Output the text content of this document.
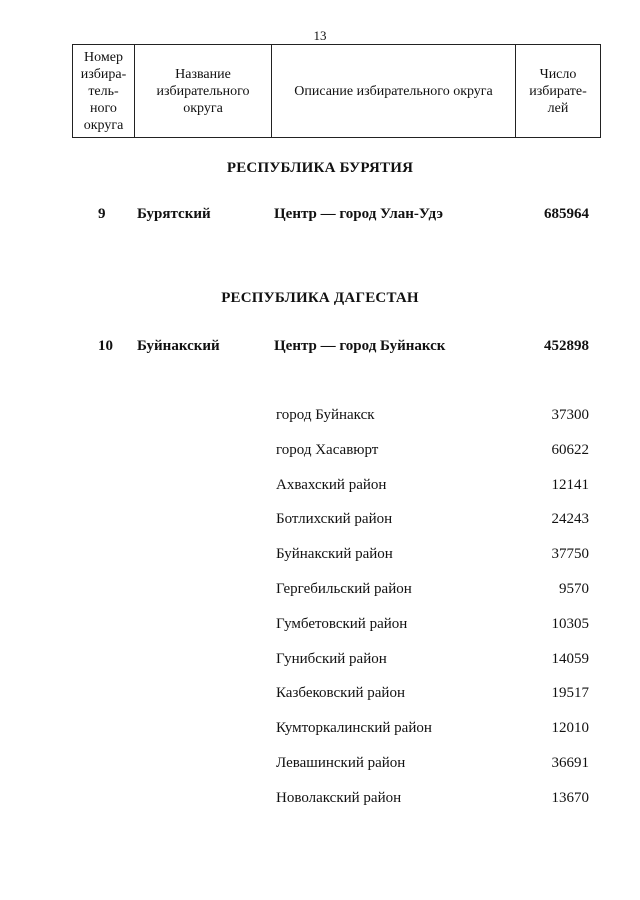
13
Номер
избира-
тель-
ного
округа

Название
избирательного
округа

Описание избирательного округа

Число
избирате-
лей
РЕСПУБЛИКА БУРЯТИЯ
9 Бурятский	Центр — город Улан-Удэ	685964
РЕСПУБЛИКА ДАГЕСТАН
10 Буйнакский	Центр — город Буйнакск	452898
город Буйнакск	37300
город Хасавюрт	60622
Ахвахский район	12141
Ботлихский район	24243
Буйнакский район	37750
Гергебильский район	9570
Гумбетовский район	10305
Гунибский район	14059
Казбековский район	19517
Кумторкалинский район	12010
Левашинский район	36691
Новолакский район	13670
